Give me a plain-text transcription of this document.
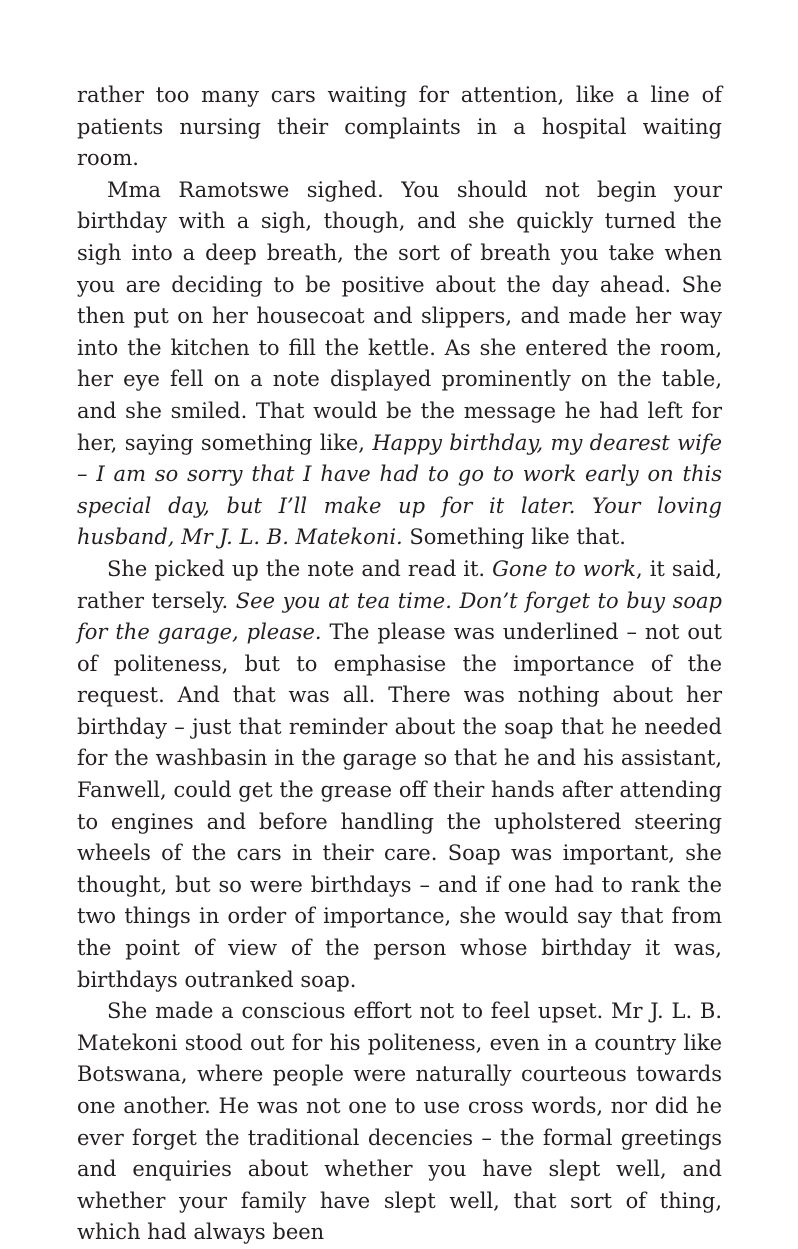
rather too many cars waiting for attention, like a line of patients nursing their complaints in a hospital waiting room.

Mma Ramotswe sighed. You should not begin your birthday with a sigh, though, and she quickly turned the sigh into a deep breath, the sort of breath you take when you are deciding to be positive about the day ahead. She then put on her housecoat and slippers, and made her way into the kitchen to fill the kettle. As she entered the room, her eye fell on a note displayed prominently on the table, and she smiled. That would be the message he had left for her, saying something like, Happy birthday, my dearest wife – I am so sorry that I have had to go to work early on this special day, but I’ll make up for it later. Your loving husband, Mr J. L. B. Matekoni. Something like that.

She picked up the note and read it. Gone to work, it said, rather tersely. See you at tea time. Don’t forget to buy soap for the garage, please. The please was underlined – not out of politeness, but to emphasise the importance of the request. And that was all. There was nothing about her birthday – just that reminder about the soap that he needed for the washbasin in the garage so that he and his assistant, Fanwell, could get the grease off their hands after attending to engines and before handling the upholstered steering wheels of the cars in their care. Soap was important, she thought, but so were birthdays – and if one had to rank the two things in order of importance, she would say that from the point of view of the person whose birthday it was, birthdays outranked soap.

She made a conscious effort not to feel upset. Mr J. L. B. Matekoni stood out for his politeness, even in a country like Botswana, where people were naturally courteous towards one another. He was not one to use cross words, nor did he ever forget the traditional decencies – the formal greetings and enquiries about whether you have slept well, and whether your family have slept well, that sort of thing, which had always been
